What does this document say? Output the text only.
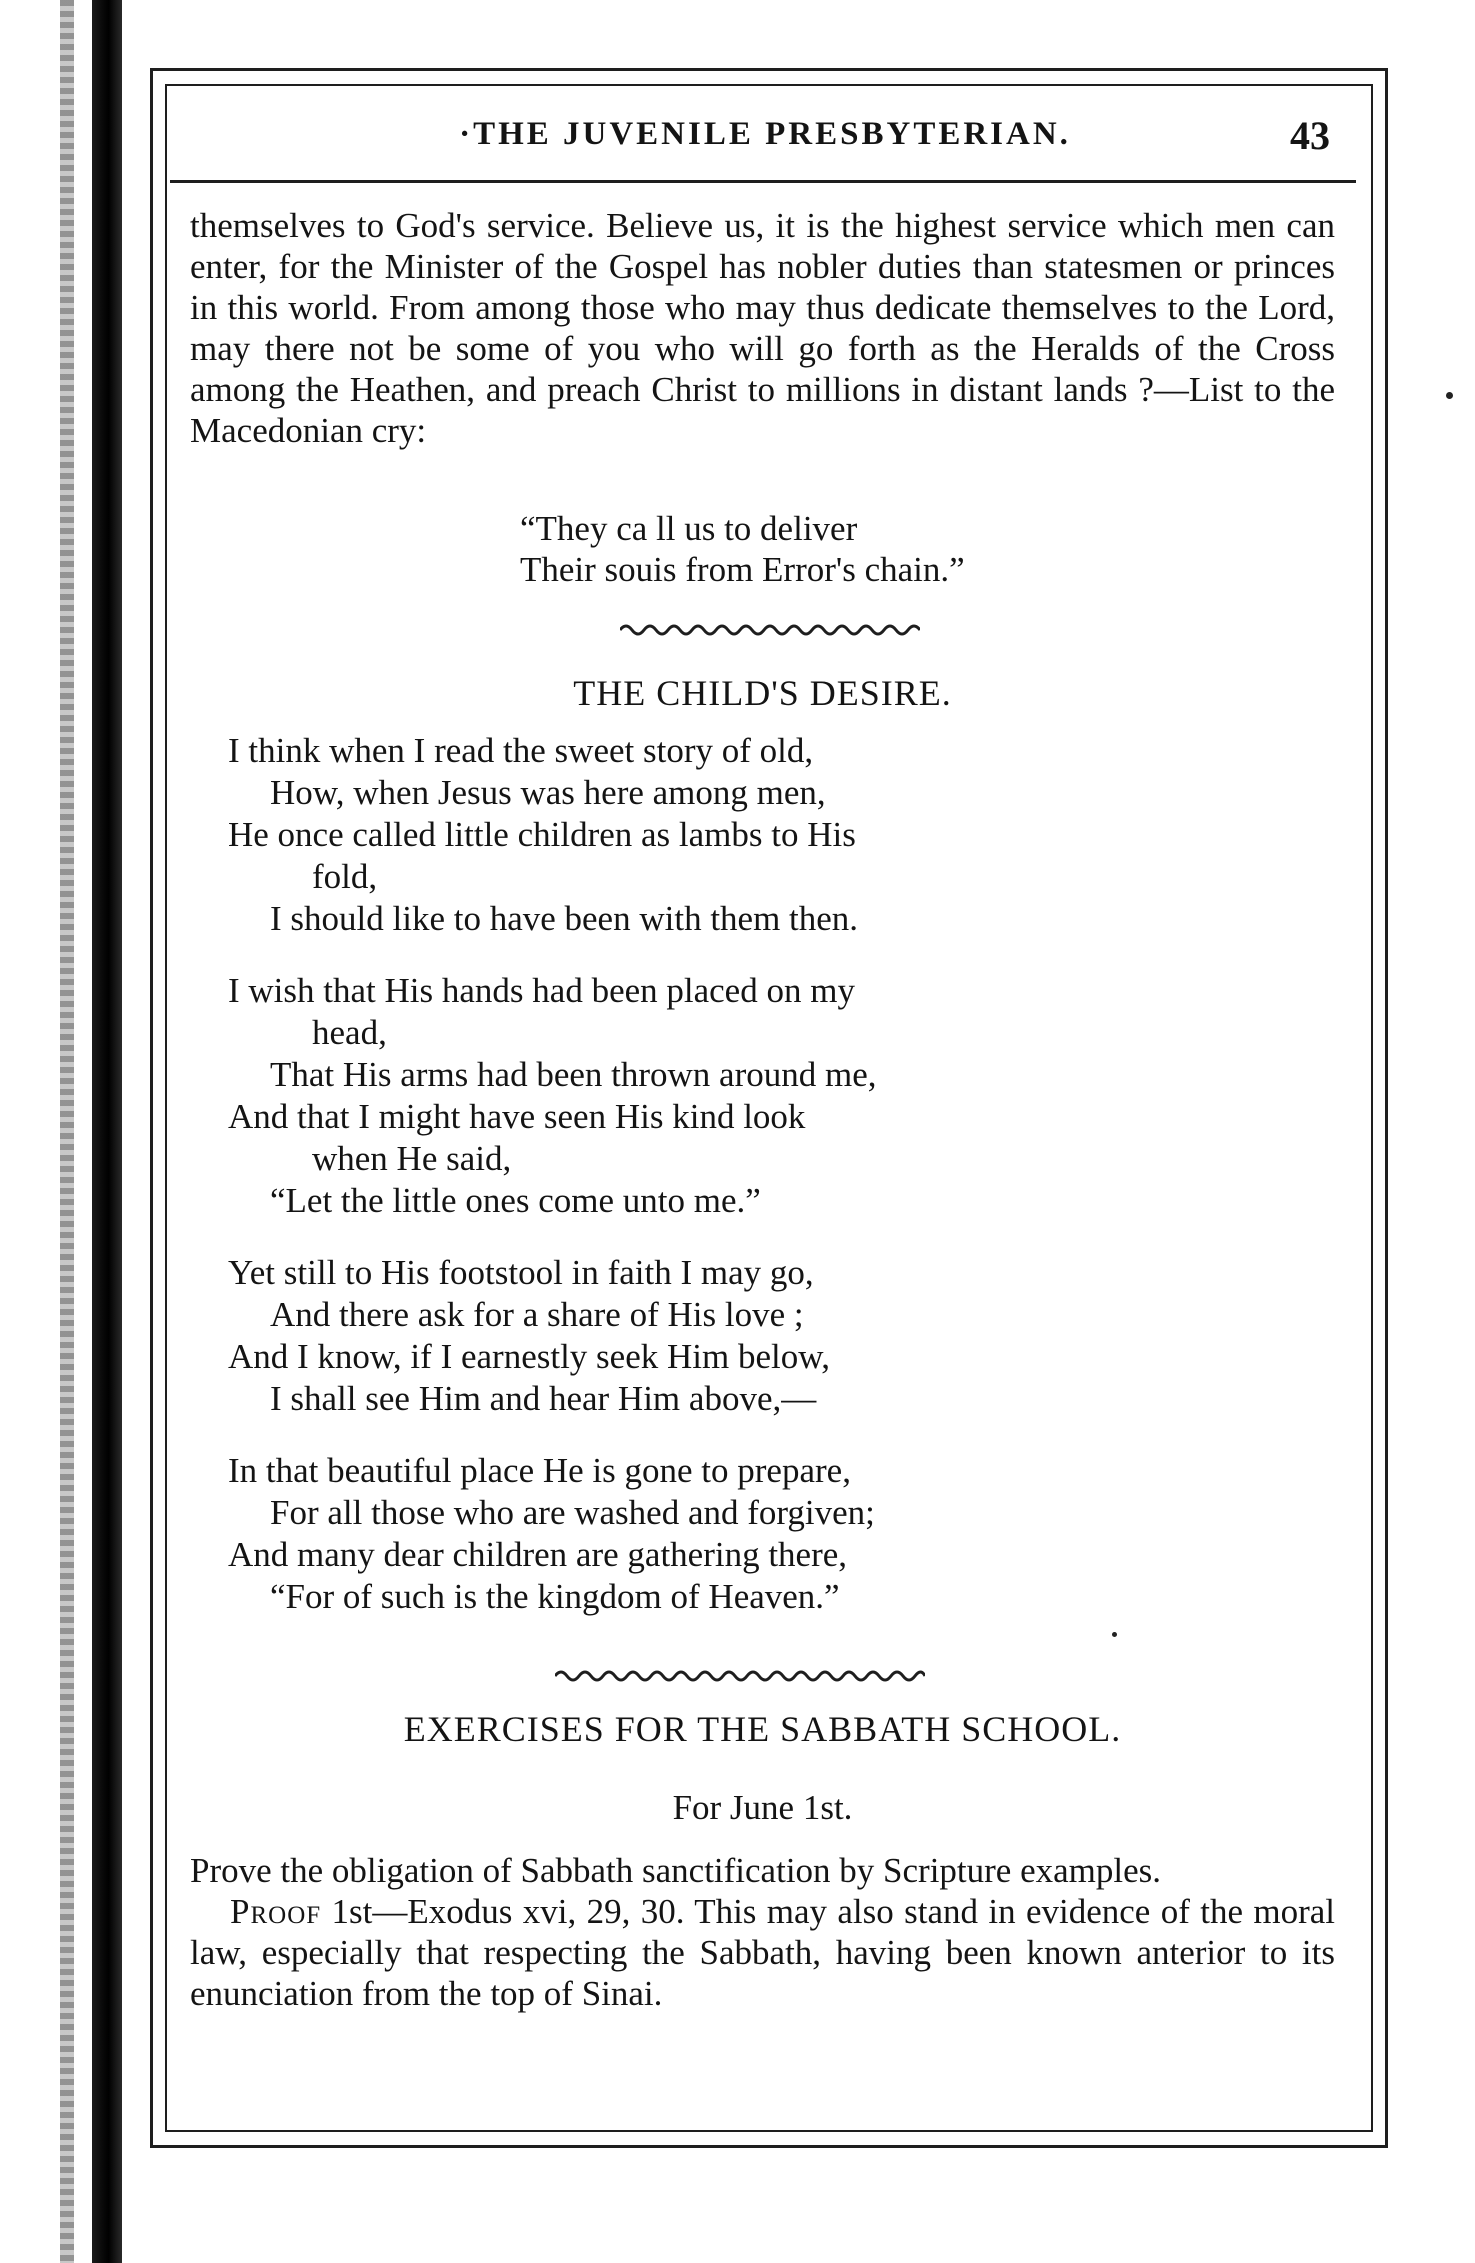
·THE JUVENILE PRESBYTERIAN.	43

themselves to God's service. Believe us, it is the highest service which men can enter, for the Minister of the Gospel has nobler duties than statesmen or princes in this world. From among those who may thus dedicate themselves to the Lord, may there not be some of you who will go forth as the Heralds of the Cross among the Heathen, and preach Christ to millions in distant lands ?—List to the Macedonian cry:

“They ca ll us to deliver
Their souis from Error's chain.”
THE CHILD'S DESIRE.
I think when I read the sweet story of old,
How, when Jesus was here among men,
He once called little children as lambs to His
fold,
I should like to have been with them then.
I wish that His hands had been placed on my
head,
That His arms had been thrown around me,
And that I might have seen His kind look
when He said,
“Let the little ones come unto me.”
Yet still to His footstool in faith I may go,
And there ask for a share of His love ;
And I know, if I earnestly seek Him below,
I shall see Him and hear Him above,—
In that beautiful place He is gone to prepare,
For all those who are washed and forgiven;
And many dear children are gathering there,
“For of such is the kingdom of Heaven.”
EXERCISES FOR THE SABBATH SCHOOL.
For June 1st.

Prove the obligation of Sabbath sanctification by Scripture examples.

Proof 1st—Exodus xvi, 29, 30. This may also stand in evidence of the moral law, especially that respecting the Sabbath, having been known anterior to its enunciation from the top of Sinai.
